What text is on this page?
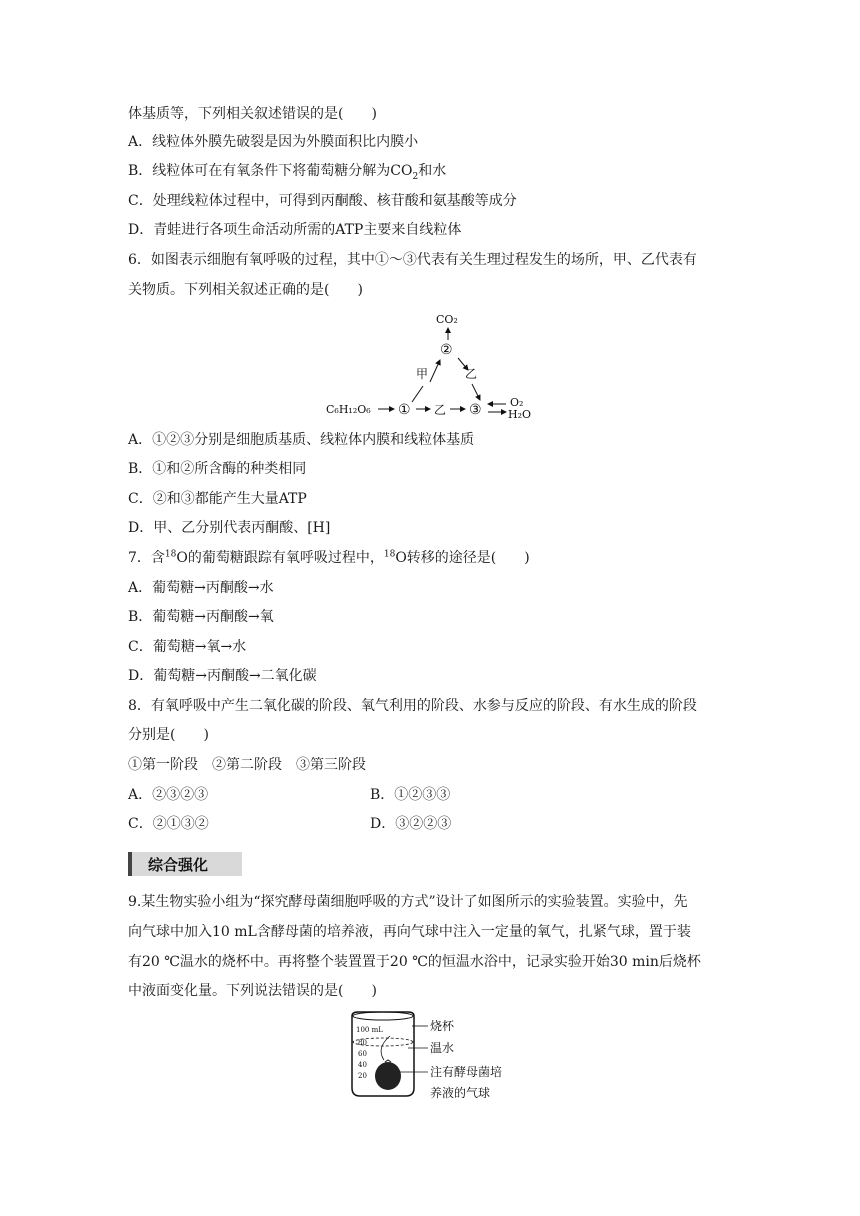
体基质等，下列相关叙述错误的是(　　)
A．线粒体外膜先破裂是因为外膜面积比内膜小
B．线粒体可在有氧条件下将葡萄糖分解为$CO_2$和水
C．处理线粒体过程中，可得到丙酮酸、核苷酸和氨基酸等成分
D．青蛙进行各项生命活动所需的ATP主要来自线粒体
6．如图表示细胞有氧呼吸的过程，其中①～③代表有关生理过程发生的场所，甲、乙代表有
关物质。下列相关叙述正确的是(　　)
CO₂
②
甲	乙
C₆H₁₂O₆ ① 乙 ③	O₂
H₂O
A．①②③分别是细胞质基质、线粒体内膜和线粒体基质
B．①和②所含酶的种类相同
C．②和③都能产生大量ATP
D．甲、乙分别代表丙酮酸、[H]
7．含$^{18}$O的葡萄糖跟踪有氧呼吸过程中，$^{18}$O转移的途径是(　　)
A．葡萄糖→丙酮酸→水
B．葡萄糖→丙酮酸→氧
C．葡萄糖→氧→水
D．葡萄糖→丙酮酸→二氧化碳
8．有氧呼吸中产生二氧化碳的阶段、氧气利用的阶段、水参与反应的阶段、有水生成的阶段
分别是(　　)
①第一阶段　②第二阶段　③第三阶段
A．②③②③	B．①②③③
C．②①③②	D．③②②③
综合强化
9.某生物实验小组为“探究酵母菌细胞呼吸的方式”设计了如图所示的实验装置。实验中，先
向气球中加入10 mL含酵母菌的培养液，再向气球中注入一定量的氧气，扎紧气球，置于装
有20 ℃温水的烧杯中。再将整个装置置于20 ℃的恒温水浴中，记录实验开始30 min后烧杯
中液面变化量。下列说法错误的是(　　)
100 mL
80
60
40
20
烧杯
温水
注有酵母菌培
养液的气球
